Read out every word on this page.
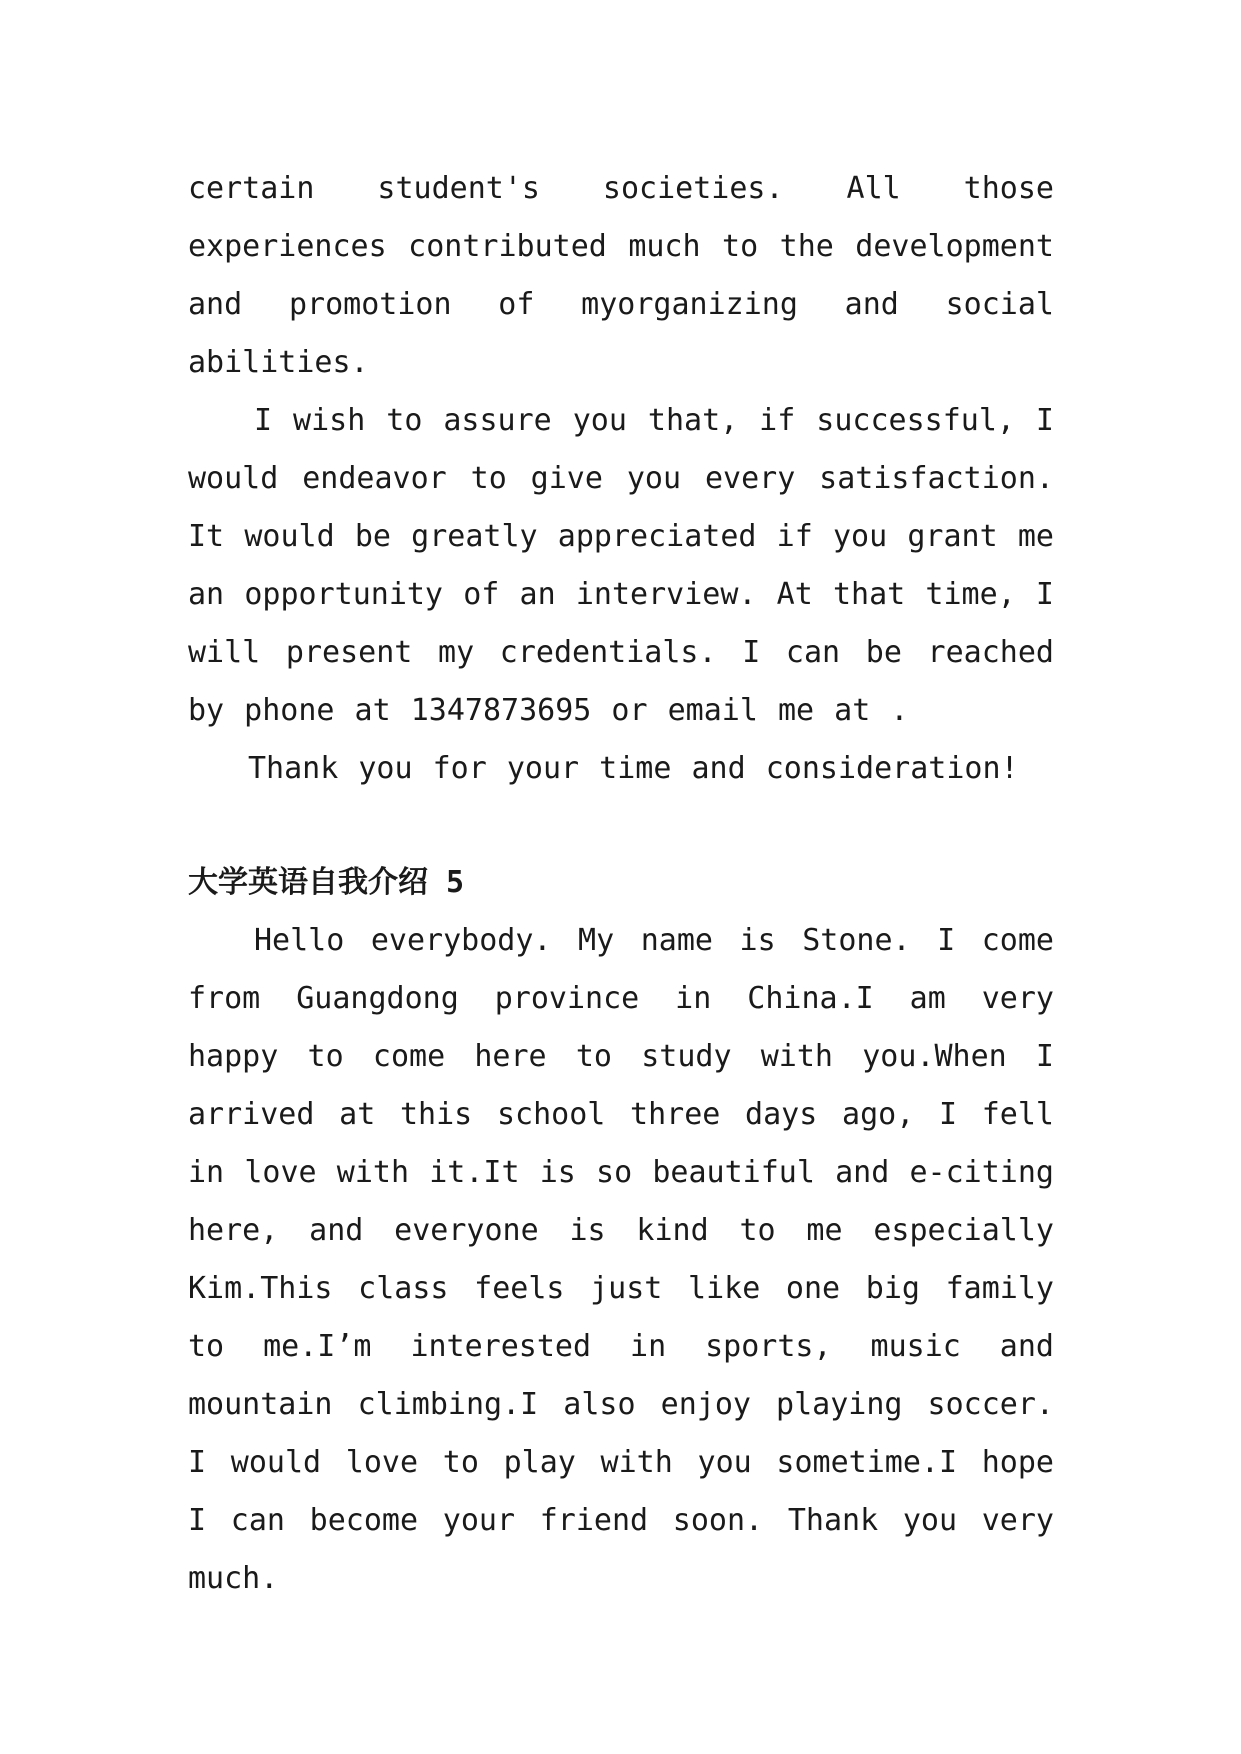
certain student's societies. All those experiences contributed much to the development and promotion of myorganizing and social abilities.

I wish to assure you that, if successful, I would endeavor to give you every satisfaction. It would be greatly appreciated if you grant me an opportunity of an interview. At that time, I will present my credentials. I can be reached by phone at 1347873695 or email me at .

Thank you for your time and consideration!

大学英语自我介绍 5

Hello everybody. My name is Stone. I come from Guangdong province in China.I am very happy to come here to study with you.When I arrived at this school three days ago, I fell in love with it.It is so beautiful and e-citing here, and everyone is kind to me especially Kim.This class feels just like one big family to me.I’m interested in sports, music and mountain climbing.I also enjoy playing soccer. I would love to play with you sometime.I hope I can become your friend soon. Thank you very much.
